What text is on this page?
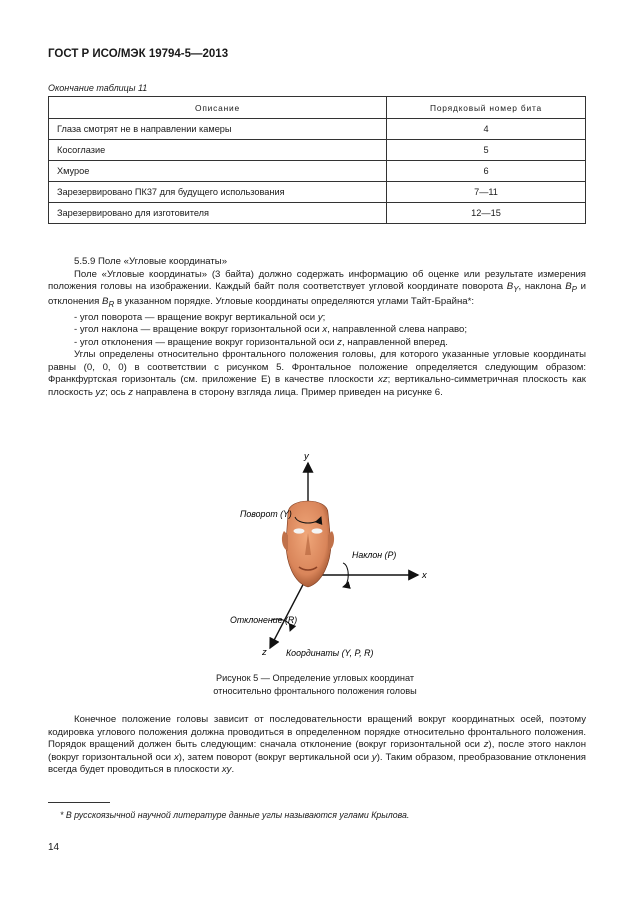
ГОСТ Р ИСО/МЭК 19794-5—2013
Окончание таблицы 11
Описание	Порядковый номер бита
Глаза смотрят не в направлении камеры	4
Косоглазие	5
Хмурое	6
Зарезервировано ПК37 для будущего использования	7—11
Зарезервировано для изготовителя	12—15

5.5.9 Поле «Угловые координаты»

Поле «Угловые координаты» (3 байта) должно содержать информацию об оценке или результате измерения положения головы на изображении. Каждый байт поля соответствует угловой координате поворота $B_Y$, наклона $B_P$ и отклонения $B_R$ в указанном порядке. Угловые координаты определяются углами Тайт-Брайна*:

- угол поворота — вращение вокруг вертикальной оси y;

- угол наклона — вращение вокруг горизонтальной оси x, направленной слева направо;

- угол отклонения — вращение вокруг горизонтальной оси z, направленной вперед.

Углы определены относительно фронтального положения головы, для которого указанные угловые координаты равны (0, 0, 0) в соответствии с рисунком 5. Фронтальное положение определяется следующим образом: Франкфуртская горизонталь (см. приложение E) в качестве плоскости xz; вертикально-симметричная плоскость как плоскость yz; ось z направлена в сторону взгляда лица. Пример приведен на рисунке 6.

y
x
z
Поворот (Y)
Наклон (P)
Отклонение (R)
Координаты (Y, P, R)
Рисунок 5 — Определение угловых координат
относительно фронтального положения головы

Конечное положение головы зависит от последовательности вращений вокруг координатных осей, поэтому кодировка углового положения должна проводиться в определенном порядке относительно фронтального положения. Порядок вращений должен быть следующим: сначала отклонение (вокруг горизонтальной оси z), после этого наклон (вокруг горизонтальной оси x), затем поворот (вокруг вертикальной оси y). Таким образом, преобразование отклонения всегда будет проводиться в плоскости xy.

* В русскоязычной научной литературе данные углы называются углами Крылова.
14
